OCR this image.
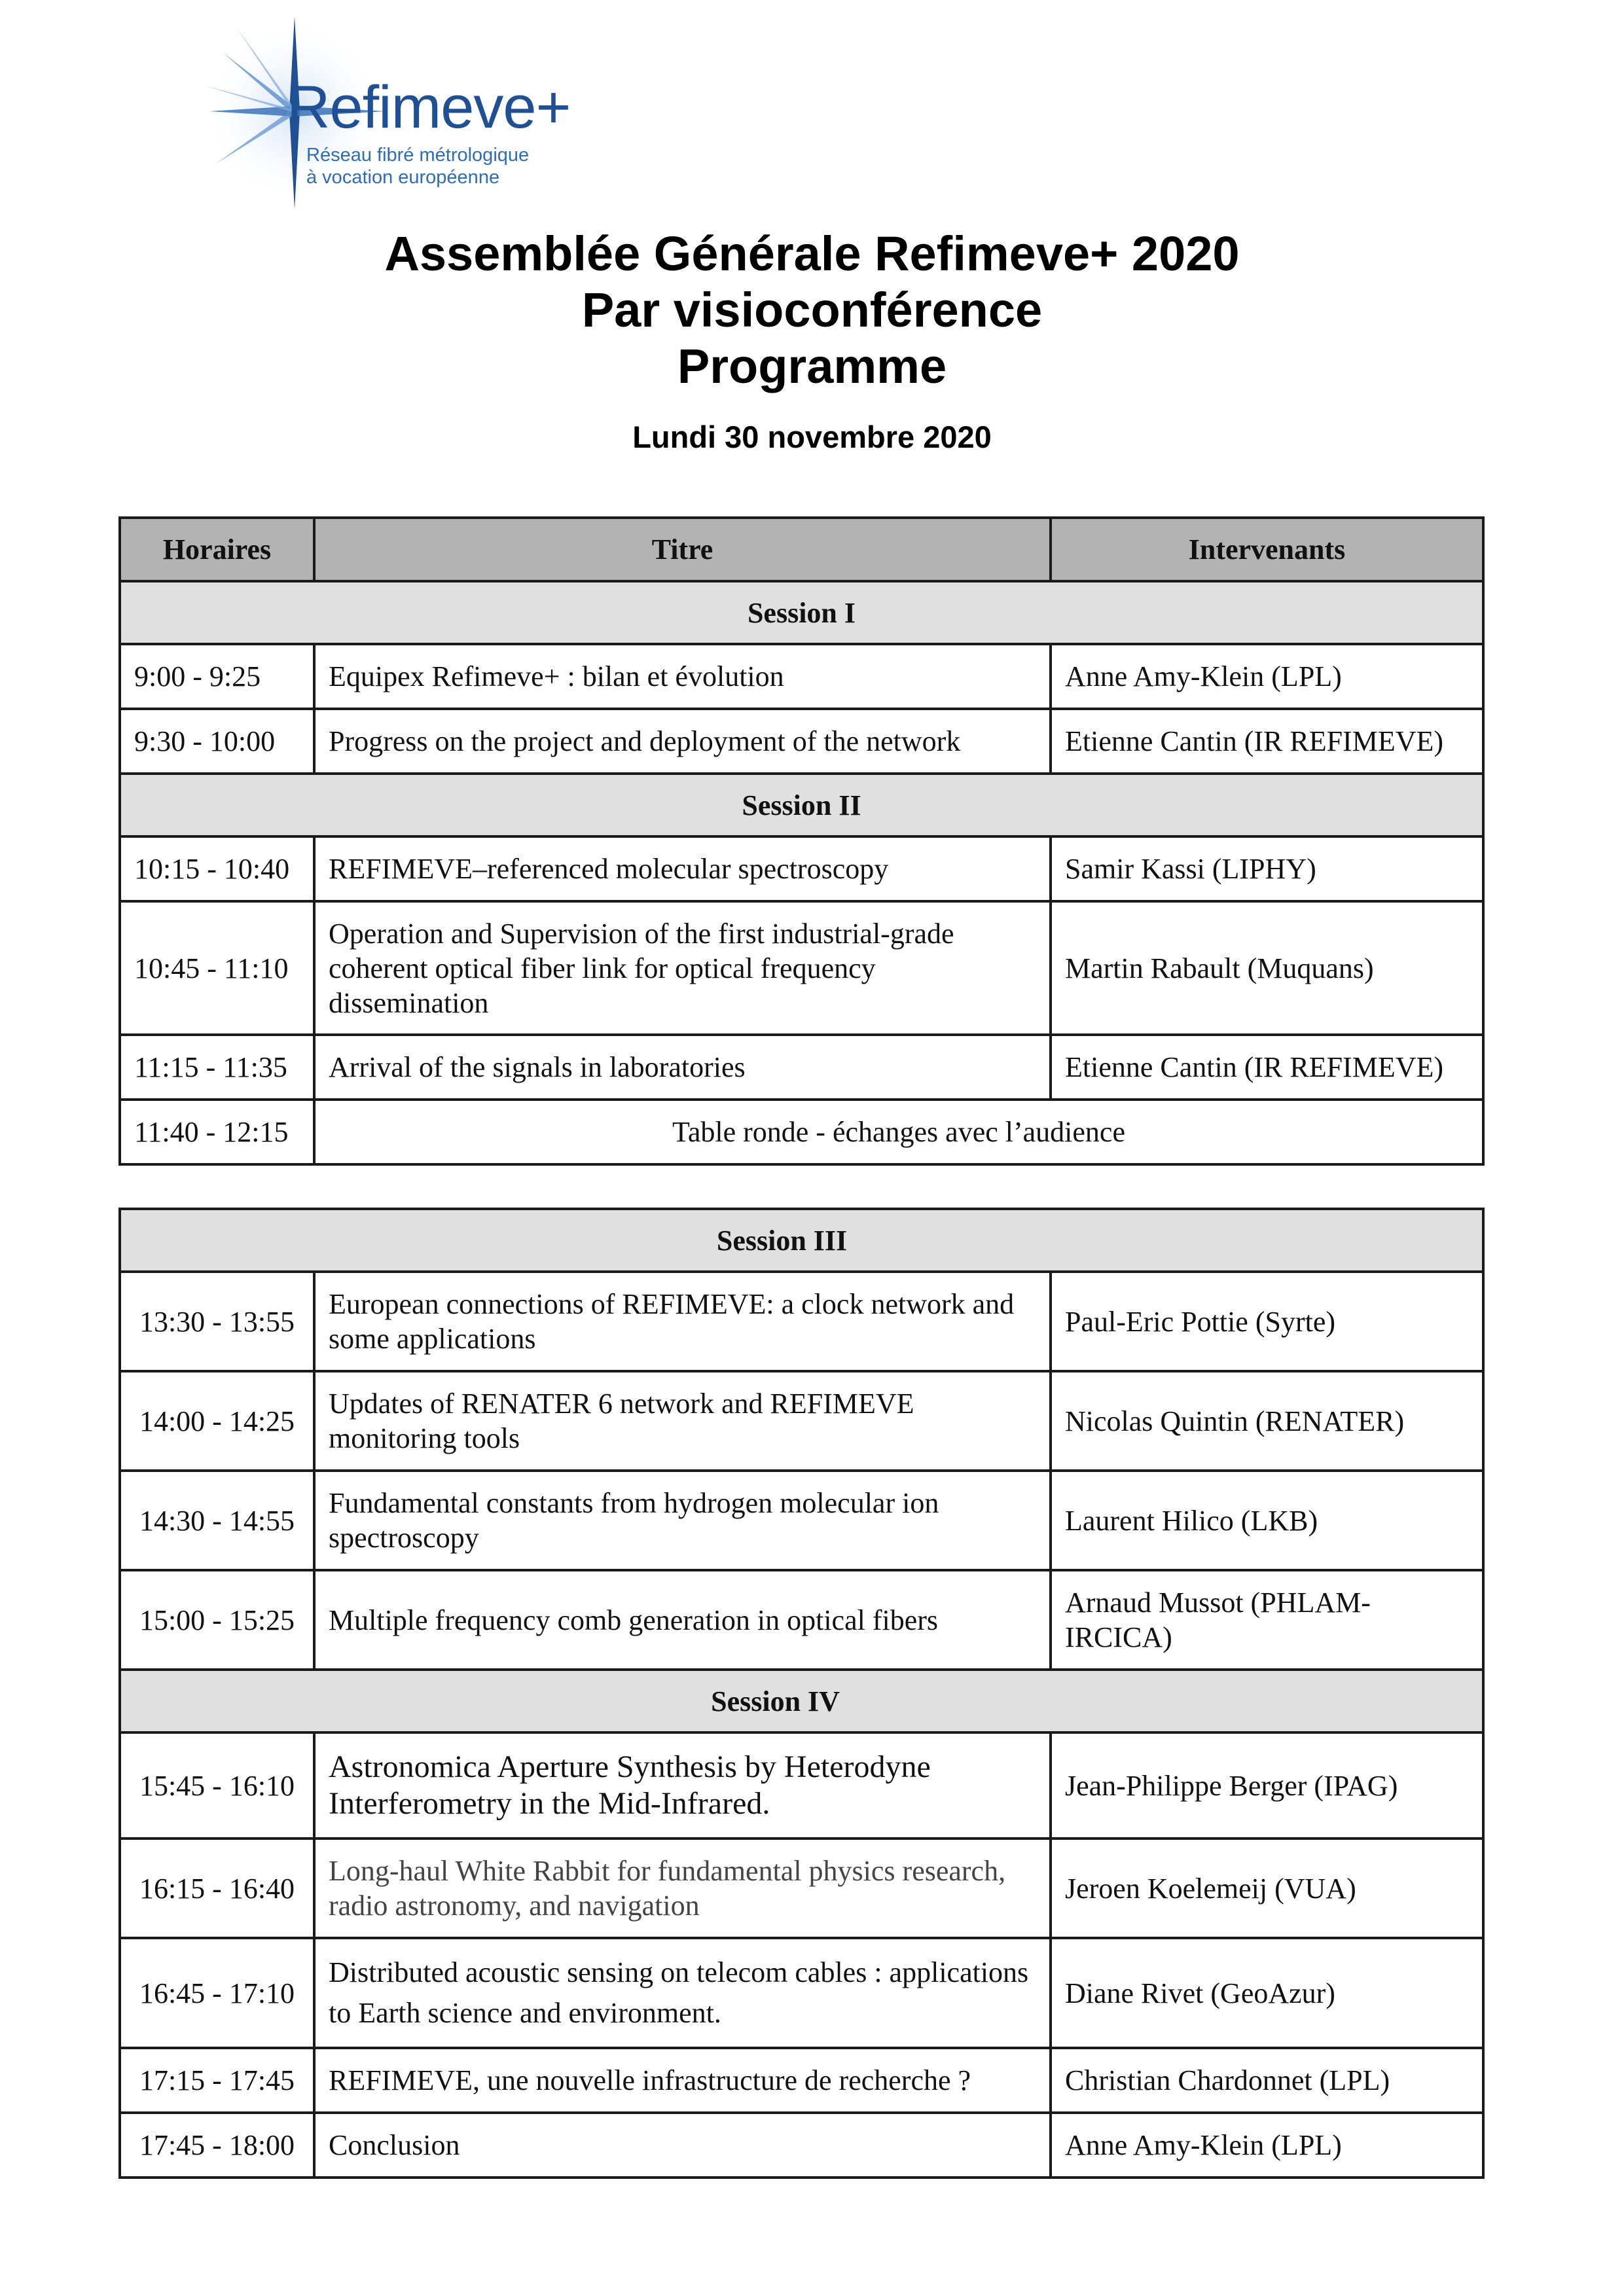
Refimeve+
Réseau fibré métrologique
à vocation européenne
Assemblée Générale Refimeve+ 2020
Par visioconférence
Programme
Lundi 30 novembre 2020
Horaires	Titre	Intervenants
Session I		
9:00 - 9:25	Equipex Refimeve+ : bilan et évolution	Anne Amy-Klein (LPL)
9:30 - 10:00	Progress on the project and deployment of the network	Etienne Cantin (IR REFIMEVE)
Session II		
10:15 - 10:40	REFIMEVE–referenced molecular spectroscopy	Samir Kassi (LIPHY)
10:45 - 11:10	Operation and Supervision of the first industrial-grade coherent optical fiber link for optical frequency dissemination	Martin Rabault (Muquans)
11:15 - 11:35	Arrival of the signals in laboratories	Etienne Cantin (IR REFIMEVE)
11:40 - 12:15	Table ronde - échanges avec l’audience	
Session III		
13:30 - 13:55	European connections of REFIMEVE: a clock network and some applications	Paul-Eric Pottie (Syrte)
14:00 - 14:25	Updates of RENATER 6 network and REFIMEVE monitoring tools	Nicolas Quintin (RENATER)
14:30 - 14:55	Fundamental constants from hydrogen molecular ion spectroscopy	Laurent Hilico (LKB)
15:00 - 15:25	Multiple frequency comb generation in optical fibers	Arnaud Mussot (PHLAM-IRCICA)
Session IV		
15:45 - 16:10	Astronomica Aperture Synthesis by Heterodyne Interferometry in the Mid-Infrared.	Jean-Philippe Berger (IPAG)
16:15 - 16:40	Long-haul White Rabbit for fundamental physics research, radio astronomy, and navigation	Jeroen Koelemeij (VUA)
16:45 - 17:10	Distributed acoustic sensing on telecom cables : applications to Earth science and environment.	Diane Rivet (GeoAzur)
17:15 - 17:45	REFIMEVE, une nouvelle infrastructure de recherche ?	Christian Chardonnet (LPL)
17:45 - 18:00	Conclusion	Anne Amy-Klein (LPL)
